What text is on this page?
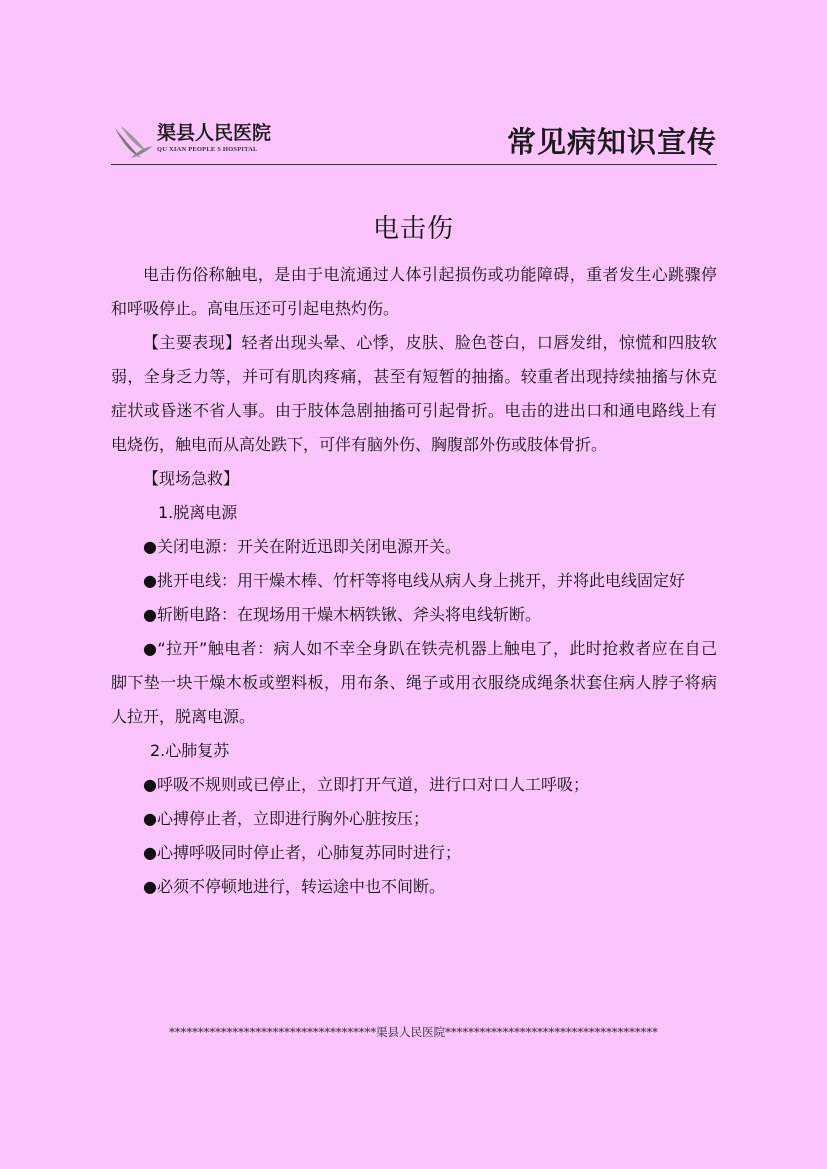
渠县人民医院
QU XIAN PEOPLE S HOSPITAL	常见病知识宣传
电击伤

电击伤俗称触电，是由于电流通过人体引起损伤或功能障碍，重者发生心跳骤停和呼吸停止。高电压还可引起电热灼伤。

【主要表现】轻者出现头晕、心悸，皮肤、脸色苍白，口唇发绀，惊慌和四肢软弱，全身乏力等，并可有肌肉疼痛，甚至有短暂的抽搐。较重者出现持续抽搐与休克症状或昏迷不省人事。由于肢体急剧抽搐可引起骨折。电击的进出口和通电路线上有电烧伤，触电而从高处跌下，可伴有脑外伤、胸腹部外伤或肢体骨折。

【现场急救】

1.脱离电源

●关闭电源：开关在附近迅即关闭电源开关。

●挑开电线：用干燥木棒、竹杆等将电线从病人身上挑开，并将此电线固定好

●斩断电路：在现场用干燥木柄铁锹、斧头将电线斩断。

●“拉开”触电者：病人如不幸全身趴在铁壳机器上触电了，此时抢救者应在自己脚下垫一块干燥木板或塑料板，用布条、绳子或用衣服绕成绳条状套住病人脖子将病人拉开，脱离电源。

2.心肺复苏

●呼吸不规则或已停止，立即打开气道，进行口对口人工呼吸；

●心搏停止者，立即进行胸外心脏按压；

●心搏呼吸同时停止者，心肺复苏同时进行；

●必须不停顿地进行，转运途中也不间断。

************************************渠县人民医院*************************************
